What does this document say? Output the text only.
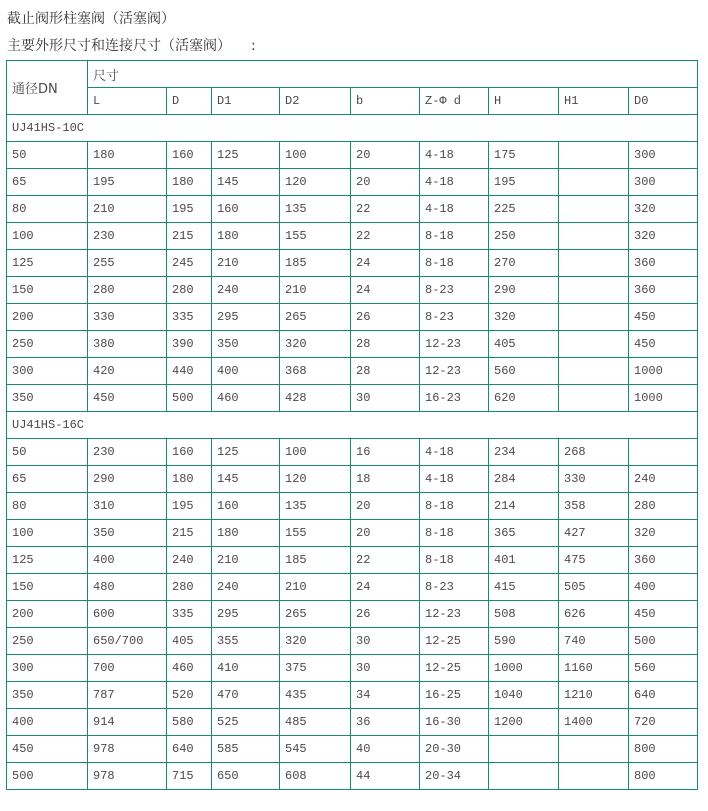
截止阀形柱塞阀（活塞阀）
主要外形尺寸和连接尺寸（活塞阀） :
通径DN	尺寸								
	L	D	D1	D2	b	Z-Φ d	H	H1	D0
UJ41HS-10C									
50	180	160	125	100	20	4-18	175		300
65	195	180	145	120	20	4-18	195		300
80	210	195	160	135	22	4-18	225		320
100	230	215	180	155	22	8-18	250		320
125	255	245	210	185	24	8-18	270		360
150	280	280	240	210	24	8-23	290		360
200	330	335	295	265	26	8-23	320		450
250	380	390	350	320	28	12-23	405		450
300	420	440	400	368	28	12-23	560		1000
350	450	500	460	428	30	16-23	620		1000
UJ41HS-16C									
50	230	160	125	100	16	4-18	234	268	
65	290	180	145	120	18	4-18	284	330	240
80	310	195	160	135	20	8-18	214	358	280
100	350	215	180	155	20	8-18	365	427	320
125	400	240	210	185	22	8-18	401	475	360
150	480	280	240	210	24	8-23	415	505	400
200	600	335	295	265	26	12-23	508	626	450
250	650/700	405	355	320	30	12-25	590	740	500
300	700	460	410	375	30	12-25	1000	1160	560
350	787	520	470	435	34	16-25	1040	1210	640
400	914	580	525	485	36	16-30	1200	1400	720
450	978	640	585	545	40	20-30			800
500	978	715	650	608	44	20-34			800
